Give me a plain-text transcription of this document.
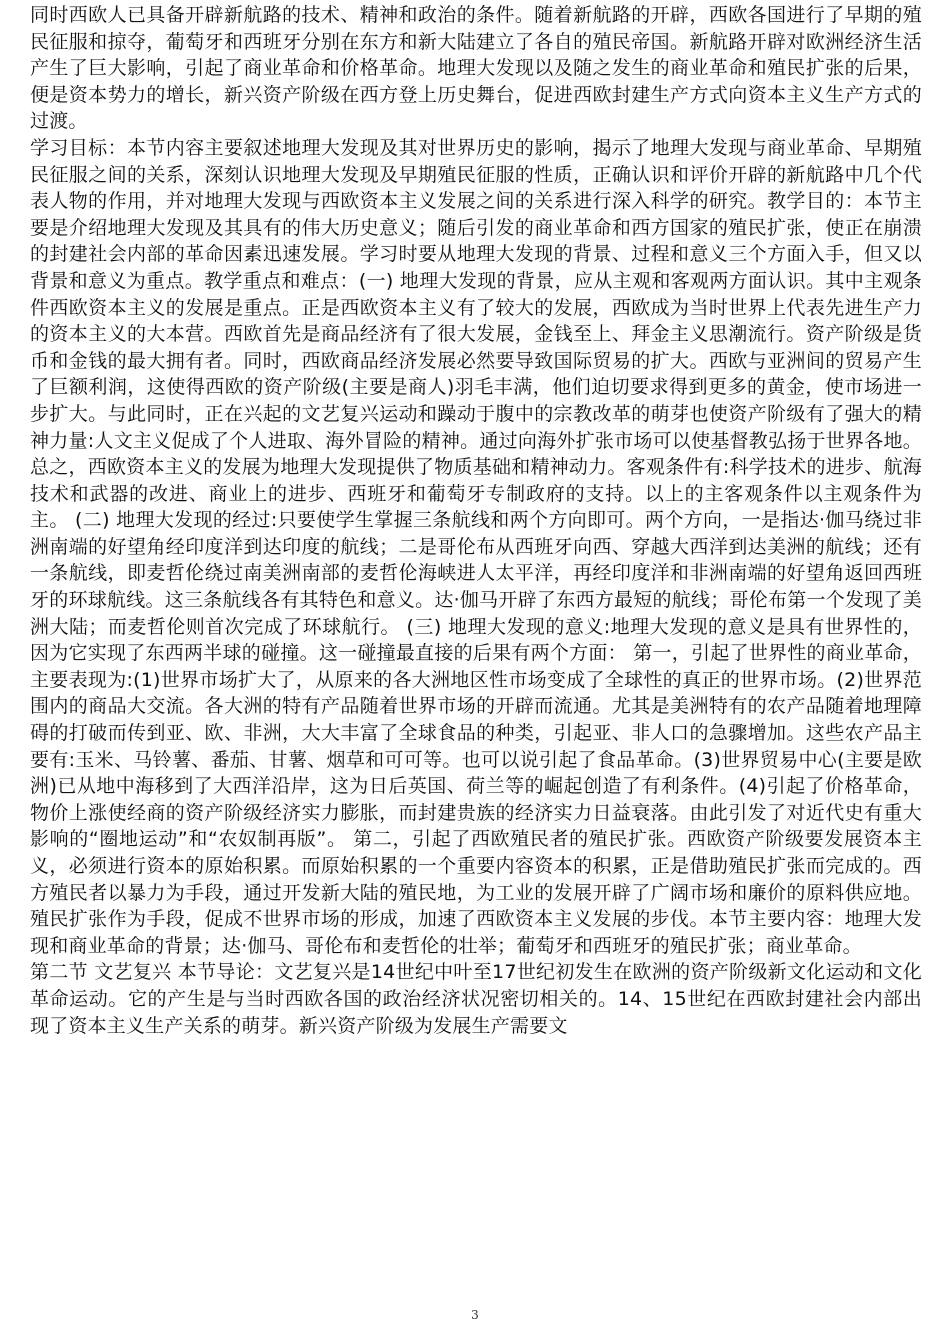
同时西欧人已具备开辟新航路的技术、精神和政治的条件。随着新航路的开辟，西欧各国进行了早期的殖民征服和掠夺，葡萄牙和西班牙分别在东方和新大陆建立了各自的殖民帝国。新航路开辟对欧洲经济生活产生了巨大影响，引起了商业革命和价格革命。地理大发现以及随之发生的商业革命和殖民扩张的后果，便是资本势力的增长，新兴资产阶级在西方登上历史舞台，促进西欧封建生产方式向资本主义生产方式的过渡。

学习目标：本节内容主要叙述地理大发现及其对世界历史的影响，揭示了地理大发现与商业革命、早期殖民征服之间的关系，深刻认识地理大发现及早期殖民征服的性质，正确认识和评价开辟的新航路中几个代表人物的作用，并对地理大发现与西欧资本主义发展之间的关系进行深入科学的研究。教学目的：本节主要是介绍地理大发现及其具有的伟大历史意义；随后引发的商业革命和西方国家的殖民扩张，使正在崩溃的封建社会内部的革命因素迅速发展。学习时要从地理大发现的背景、过程和意义三个方面入手，但又以背景和意义为重点。教学重点和难点：(一) 地理大发现的背景，应从主观和客观两方面认识。其中主观条件西欧资本主义的发展是重点。正是西欧资本主义有了较大的发展，西欧成为当时世界上代表先进生产力的资本主义的大本营。西欧首先是商品经济有了很大发展，金钱至上、拜金主义思潮流行。资产阶级是货币和金钱的最大拥有者。同时，西欧商品经济发展必然要导致国际贸易的扩大。西欧与亚洲间的贸易产生了巨额利润，这使得西欧的资产阶级(主要是商人)羽毛丰满，他们迫切要求得到更多的黄金，使市场进一步扩大。与此同时，正在兴起的文艺复兴运动和躁动于腹中的宗教改革的萌芽也使资产阶级有了强大的精神力量:人文主义促成了个人进取、海外冒险的精神。通过向海外扩张市场可以使基督教弘扬于世界各地。总之，西欧资本主义的发展为地理大发现提供了物质基础和精神动力。客观条件有:科学技术的进步、航海技术和武器的改进、商业上的进步、西班牙和葡萄牙专制政府的支持。以上的主客观条件以主观条件为主。 (二) 地理大发现的经过:只要使学生掌握三条航线和两个方向即可。两个方向，一是指达·伽马绕过非洲南端的好望角经印度洋到达印度的航线；二是哥伦布从西班牙向西、穿越大西洋到达美洲的航线；还有一条航线，即麦哲伦绕过南美洲南部的麦哲伦海峡进人太平洋，再经印度洋和非洲南端的好望角返回西班牙的环球航线。这三条航线各有其特色和意义。达·伽马开辟了东西方最短的航线；哥伦布第一个发现了美洲大陆；而麦哲伦则首次完成了环球航行。 (三) 地理大发现的意义:地理大发现的意义是具有世界性的，因为它实现了东西两半球的碰撞。这一碰撞最直接的后果有两个方面： 第一，引起了世界性的商业革命，主要表现为:(1)世界市场扩大了，从原来的各大洲地区性市场变成了全球性的真正的世界市场。(2)世界范围内的商品大交流。各大洲的特有产品随着世界市场的开辟而流通。尤其是美洲特有的农产品随着地理障碍的打破而传到亚、欧、非洲，大大丰富了全球食品的种类，引起亚、非人口的急骤增加。这些农产品主要有:玉米、马铃薯、番茄、甘薯、烟草和可可等。也可以说引起了食品革命。(3)世界贸易中心(主要是欧洲)已从地中海移到了大西洋沿岸，这为日后英国、荷兰等的崛起创造了有利条件。(4)引起了价格革命，物价上涨使经商的资产阶级经济实力膨胀，而封建贵族的经济实力日益衰落。由此引发了对近代史有重大影响的“圈地运动”和“农奴制再版”。 第二，引起了西欧殖民者的殖民扩张。西欧资产阶级要发展资本主义，必须进行资本的原始积累。而原始积累的一个重要内容资本的积累，正是借助殖民扩张而完成的。西方殖民者以暴力为手段，通过开发新大陆的殖民地，为工业的发展开辟了广阔市场和廉价的原料供应地。殖民扩张作为手段，促成不世界市场的形成，加速了西欧资本主义发展的步伐。本节主要内容：地理大发现和商业革命的背景；达·伽马、哥伦布和麦哲伦的壮举；葡萄牙和西班牙的殖民扩张；商业革命。

第二节 文艺复兴 本节导论：文艺复兴是14世纪中叶至17世纪初发生在欧洲的资产阶级新文化运动和文化革命运动。它的产生是与当时西欧各国的政治经济状况密切相关的。14、15世纪在西欧封建社会内部出现了资本主义生产关系的萌芽。新兴资产阶级为发展生产需要文

3
